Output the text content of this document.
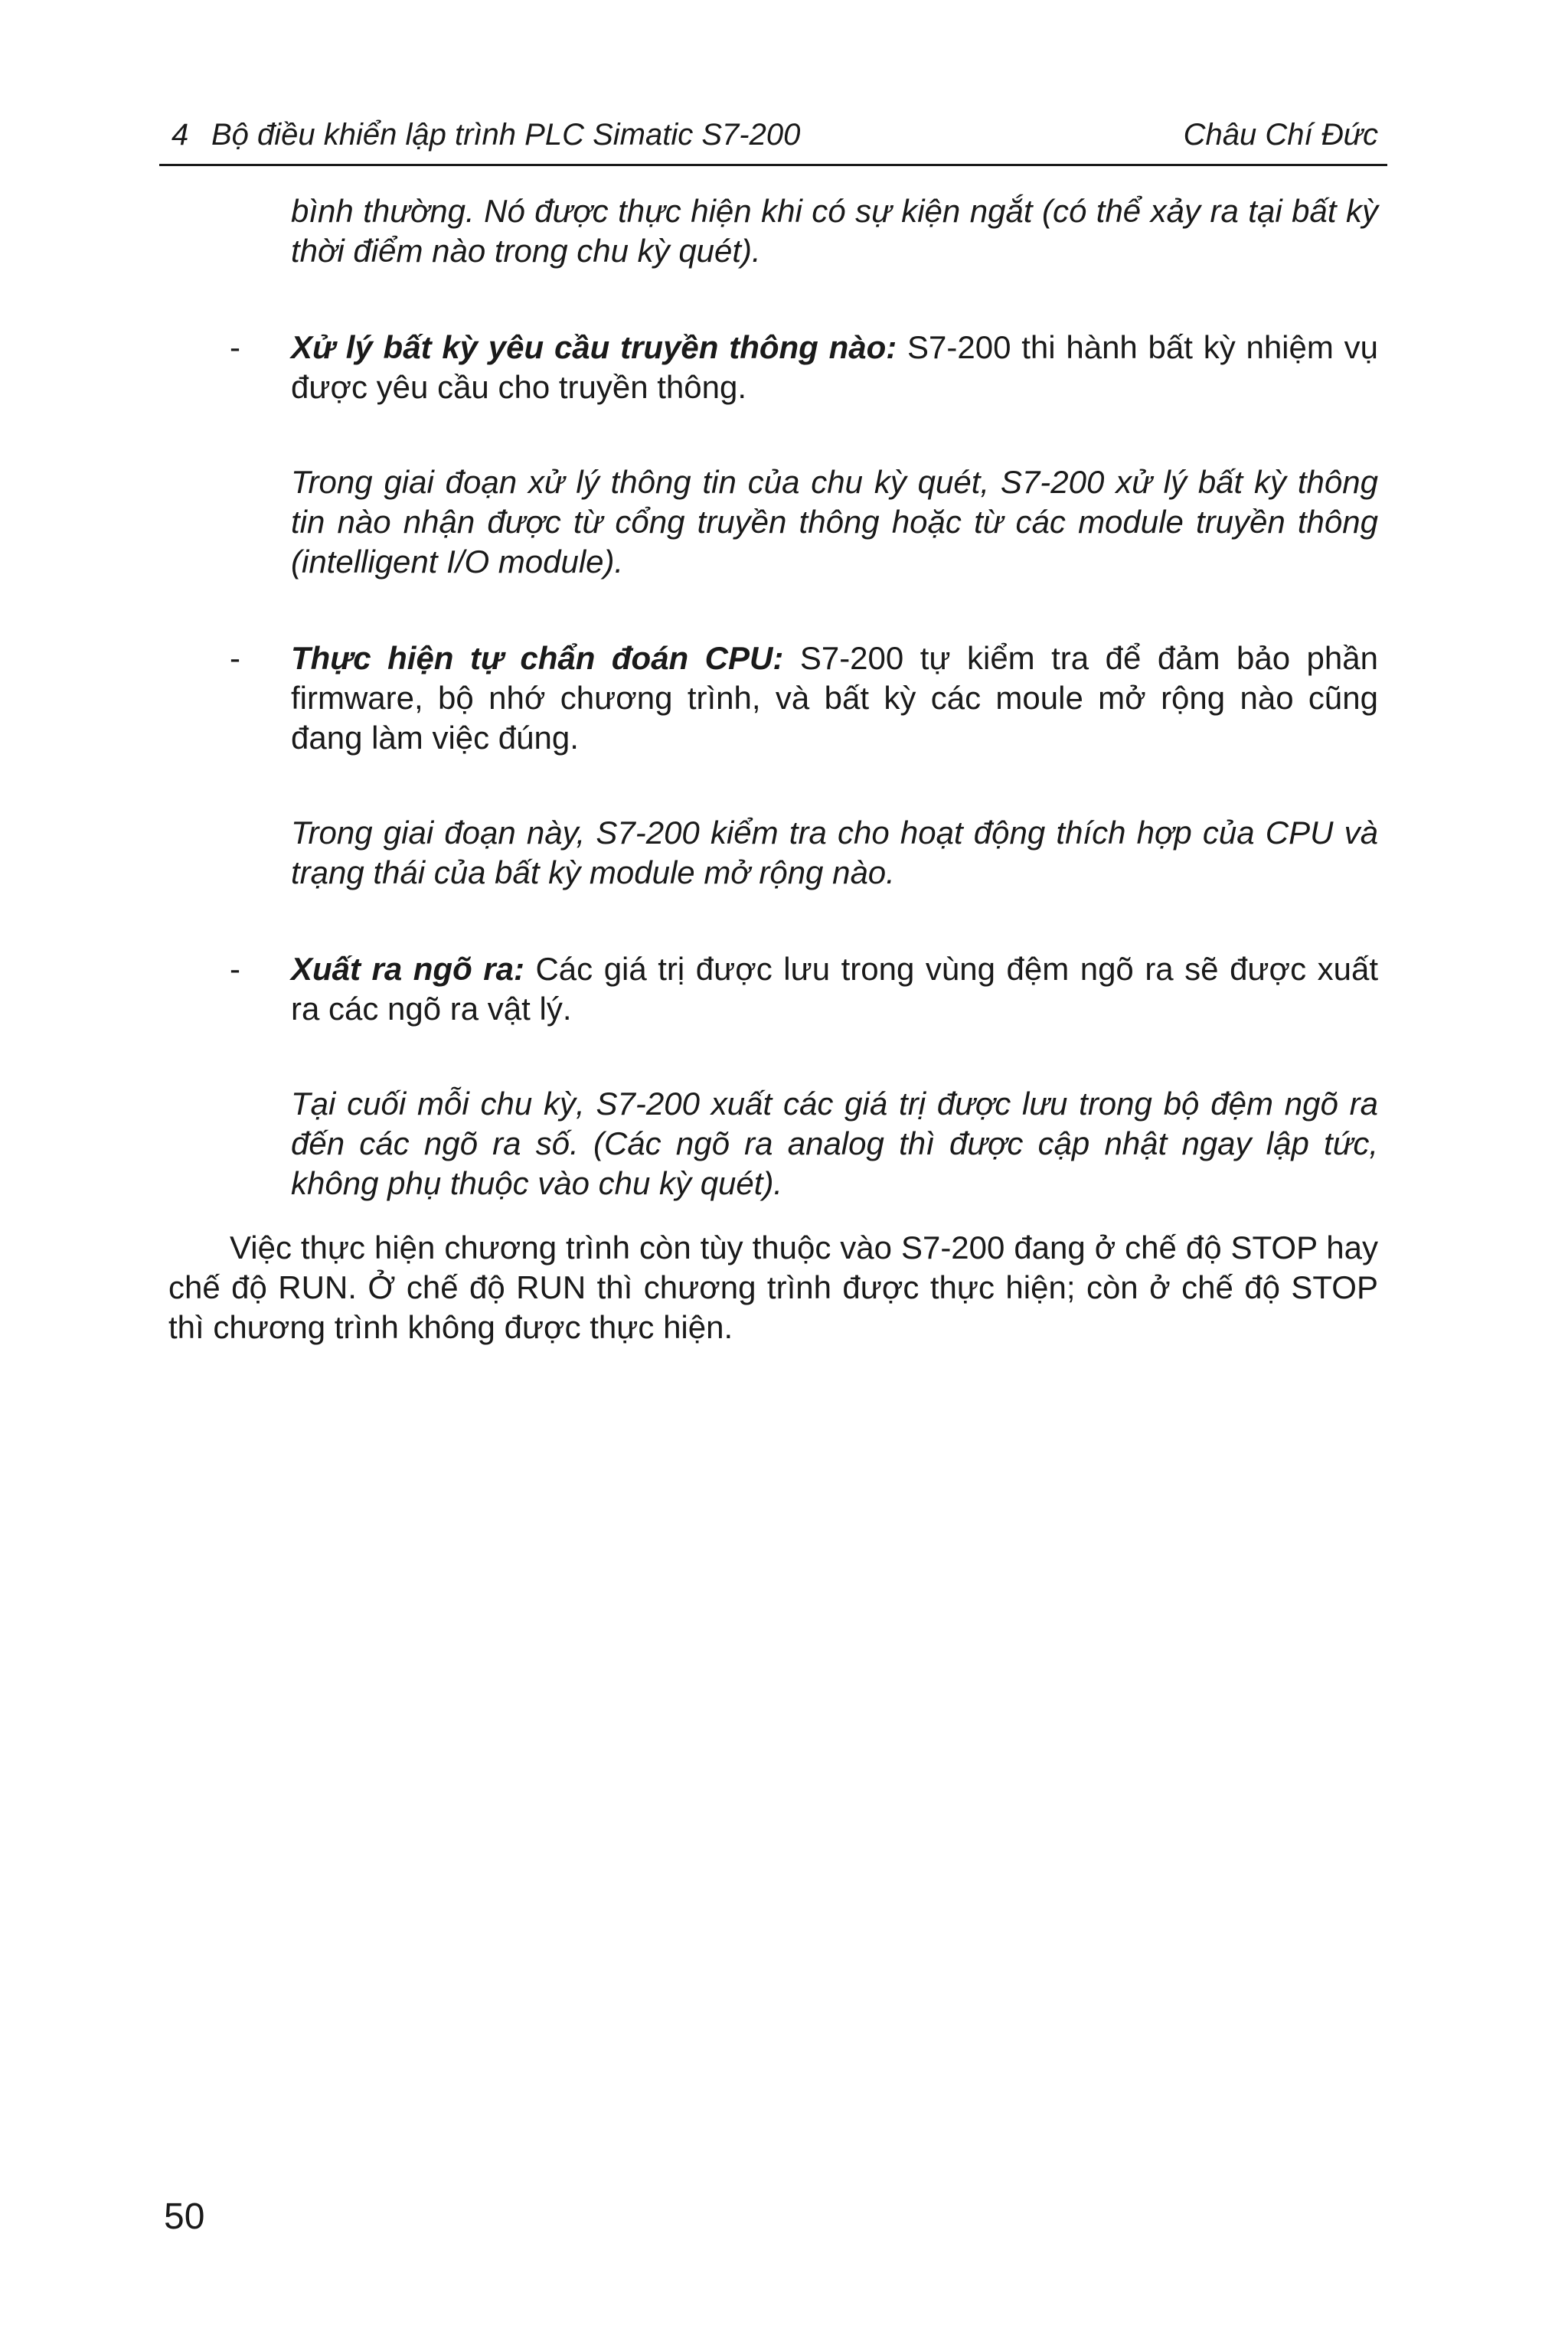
4 Bộ điều khiển lập trình PLC Simatic S7-200	Châu Chí Đức

bình thường. Nó được thực hiện khi có sự kiện ngắt (có thể xảy ra tại bất kỳ thời điểm nào trong chu kỳ quét).

- Xử lý bất kỳ yêu cầu truyền thông nào: S7-200 thi hành bất kỳ nhiệm vụ được yêu cầu cho truyền thông.

Trong giai đoạn xử lý thông tin của chu kỳ quét, S7-200 xử lý bất kỳ thông tin nào nhận được từ cổng truyền thông hoặc từ các module truyền thông (intelligent I/O module).

- Thực hiện tự chẩn đoán CPU: S7-200 tự kiểm tra để đảm bảo phần firmware, bộ nhớ chương trình, và bất kỳ các moule mở rộng nào cũng đang làm việc đúng.

Trong giai đoạn này, S7-200 kiểm tra cho hoạt động thích hợp của CPU và trạng thái của bất kỳ module mở rộng nào.

- Xuất ra ngõ ra: Các giá trị được lưu trong vùng đệm ngõ ra sẽ được xuất ra các ngõ ra vật lý.

Tại cuối mỗi chu kỳ, S7-200 xuất các giá trị được lưu trong bộ đệm ngõ ra đến các ngõ ra số. (Các ngõ ra analog thì được cập nhật ngay lập tức, không phụ thuộc vào chu kỳ quét).

Việc thực hiện chương trình còn tùy thuộc vào S7-200 đang ở chế độ STOP hay chế độ RUN. Ở chế độ RUN thì chương trình được thực hiện; còn ở chế độ STOP thì chương trình không được thực hiện.

50
